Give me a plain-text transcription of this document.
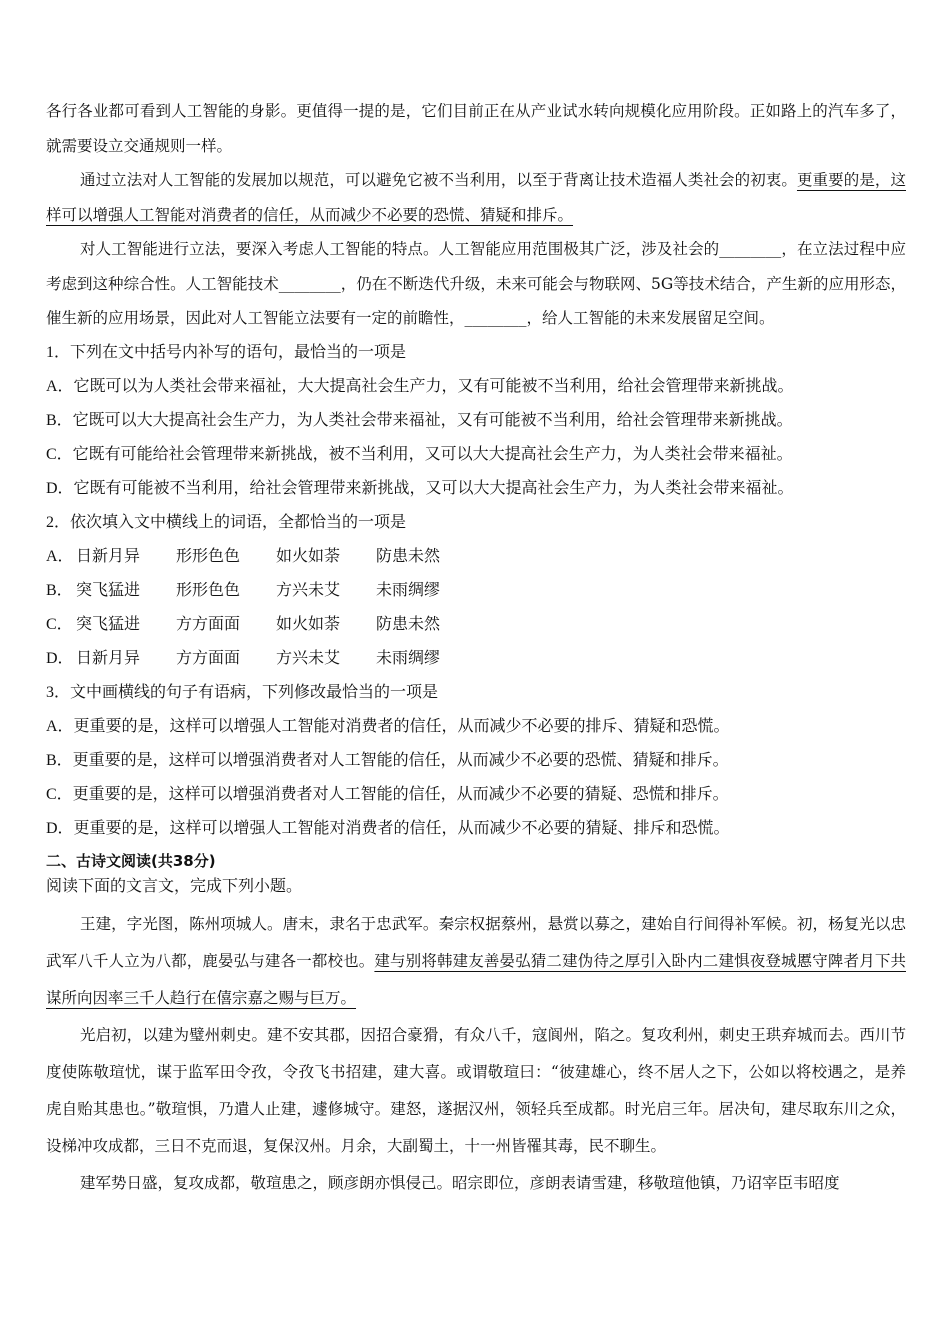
各行各业都可看到人工智能的身影。更值得一提的是，它们目前正在从产业试水转向规模化应用阶段。正如路上的汽车多了，就需要设立交通规则一样。

通过立法对人工智能的发展加以规范，可以避免它被不当利用，以至于背离让技术造福人类社会的初衷。更重要的是，这样可以增强人工智能对消费者的信任，从而减少不必要的恐慌、猜疑和排斥。

对人工智能进行立法，要深入考虑人工智能的特点。人工智能应用范围极其广泛，涉及社会的________，在立法过程中应考虑到这种综合性。人工智能技术________，仍在不断迭代升级，未来可能会与物联网、5G等技术结合，产生新的应用形态，催生新的应用场景，因此对人工智能立法要有一定的前瞻性，________，给人工智能的未来发展留足空间。

1．下列在文中括号内补写的语句，最恰当的一项是

A．它既可以为人类社会带来福祉，大大提高社会生产力，又有可能被不当利用，给社会管理带来新挑战。

B．它既可以大大提高社会生产力，为人类社会带来福祉，又有可能被不当利用，给社会管理带来新挑战。

C．它既有可能给社会管理带来新挑战，被不当利用，又可以大大提高社会生产力，为人类社会带来福祉。

D．它既有可能被不当利用，给社会管理带来新挑战，又可以大大提高社会生产力，为人类社会带来福祉。

2．依次填入文中横线上的词语，全都恰当的一项是

A． 日新月异	形形色色	如火如荼	防患未然
B． 突飞猛进	形形色色	方兴未艾	未雨绸缪
C． 突飞猛进	方方面面	如火如荼	防患未然
D． 日新月异	方方面面	方兴未艾	未雨绸缪

3．文中画横线的句子有语病，下列修改最恰当的一项是

A．更重要的是，这样可以增强人工智能对消费者的信任，从而减少不必要的排斥、猜疑和恐慌。

B．更重要的是，这样可以增强消费者对人工智能的信任，从而减少不必要的恐慌、猜疑和排斥。

C．更重要的是，这样可以增强消费者对人工智能的信任，从而减少不必要的猜疑、恐慌和排斥。

D．更重要的是，这样可以增强人工智能对消费者的信任，从而减少不必要的猜疑、排斥和恐慌。

二、古诗文阅读(共38分)

阅读下面的文言文，完成下列小题。

王建，字光图，陈州项城人。唐末，隶名于忠武军。秦宗权据蔡州，悬赏以募之，建始自行间得补军候。初，杨复光以忠武军八千人立为八都，鹿晏弘与建各一都校也。建与别将韩建友善晏弘猜二建伪待之厚引入卧内二建惧夜登城慝守陴者月下共谋所向因率三千人趋行在僖宗嘉之赐与巨万。

光启初，以建为璧州刺史。建不安其郡，因招合豪猾，有众八千，寇阆州，陷之。复攻利州，刺史王珙弃城而去。西川节度使陈敬瑄忧，谋于监军田令孜，令孜飞书招建，建大喜。或谓敬瑄曰：“彼建雄心，终不居人之下，公如以将校遇之，是养虎自贻其患也。”敬瑄惧，乃遣人止建，遽修城守。建怒，遂据汉州，领轻兵至成都。时光启三年。居决旬，建尽取东川之众，设梯冲攻成都，三日不克而退，复保汉州。月余，大副蜀土，十一州皆罹其毒，民不聊生。

建军势日盛，复攻成都，敬瑄患之，顾彦朗亦惧侵己。昭宗即位，彦朗表请雪建，移敬瑄他镇，乃诏宰臣韦昭度
